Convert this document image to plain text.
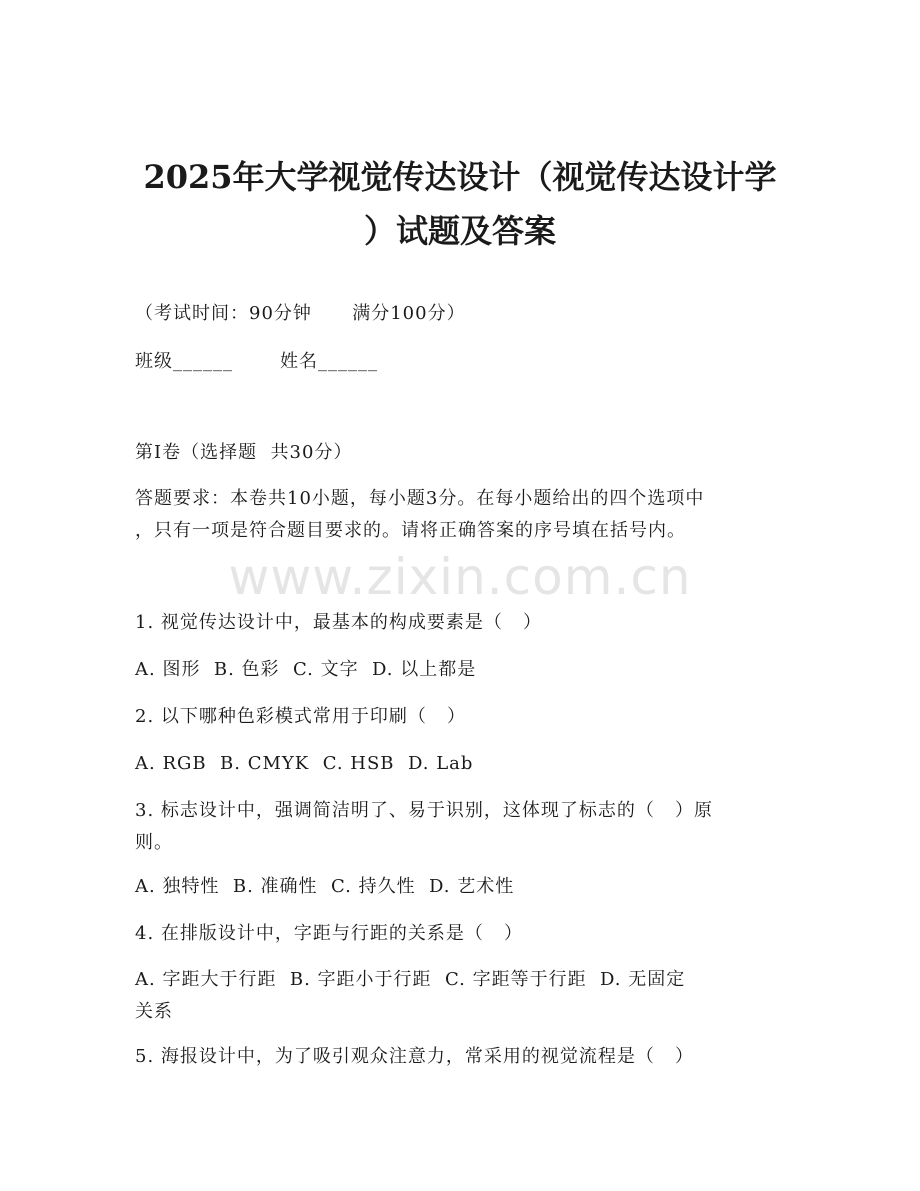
2025年大学视觉传达设计（视觉传达设计学
）试题及答案

（考试时间：90分钟      满分100分）

班级______       姓名______

第I卷（选择题  共30分）

答题要求：本卷共10小题，每小题3分。在每小题给出的四个选项中

，只有一项是符合题目要求的。请将正确答案的序号填在括号内。

www.zixin.com.cn

1. 视觉传达设计中，最基本的构成要素是（   ）

A. 图形  B. 色彩  C. 文字  D. 以上都是

2. 以下哪种色彩模式常用于印刷（   ）

A. RGB  B. CMYK  C. HSB  D. Lab

3. 标志设计中，强调简洁明了、易于识别，这体现了标志的（   ）原

则。

A. 独特性  B. 准确性  C. 持久性  D. 艺术性

4. 在排版设计中，字距与行距的关系是（   ）

A. 字距大于行距  B. 字距小于行距  C. 字距等于行距  D. 无固定

关系

5. 海报设计中，为了吸引观众注意力，常采用的视觉流程是（   ）
